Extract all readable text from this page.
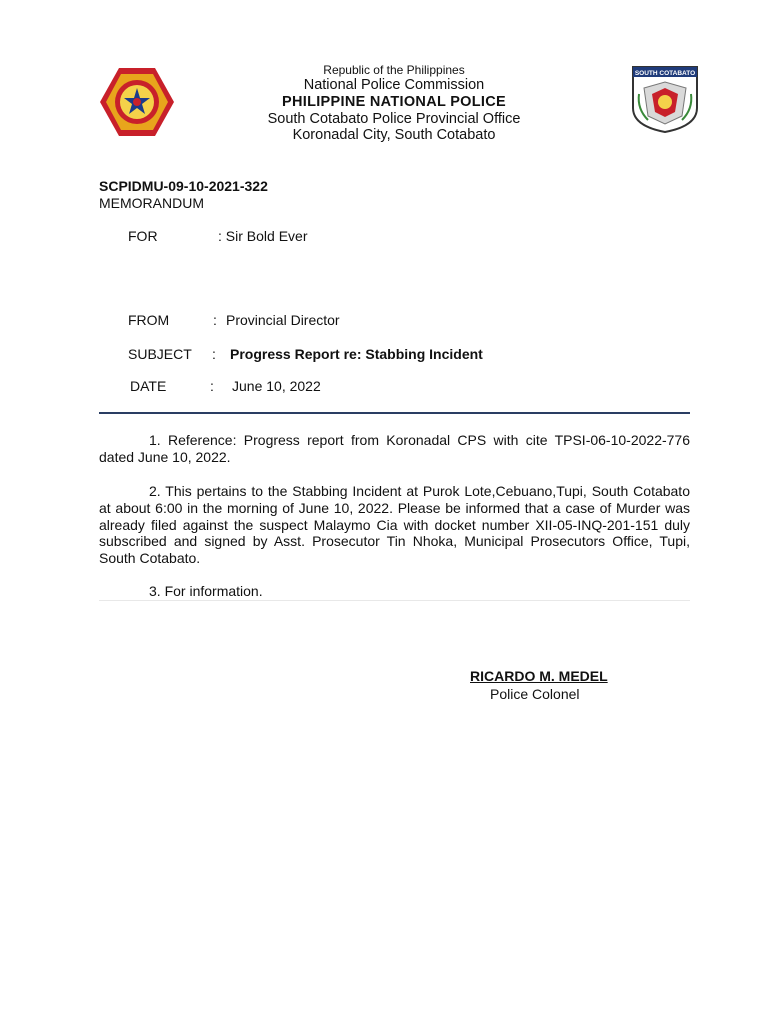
SOUTH COTABATO
Republic of the Philippines
National Police Commission
PHILIPPINE NATIONAL POLICE
South Cotabato Police Provincial Office
Koronadal City, South Cotabato
SCPIDMU-09-10-2021-322
MEMORANDUM
FOR	: Sir Bold Ever
FROM	: Provincial Director
SUBJECT : Progress Report re: Stabbing Incident
DATE	: June 10, 2022
1. Reference: Progress report from Koronadal CPS with cite TPSI-06-10-2022-776 dated June 10, 2022.
2. This pertains to the Stabbing Incident at Purok Lote,Cebuano,Tupi, South Cotabato at about 6:00 in the morning of June 10, 2022. Please be informed that a case of Murder was already filed against the suspect Malaymo Cia with docket number XII-05-INQ-201-151 duly subscribed and signed by Asst. Prosecutor Tin Nhoka, Municipal Prosecutors Office, Tupi, South Cotabato.
3. For information.
RICARDO M. MEDEL
Police Colonel
